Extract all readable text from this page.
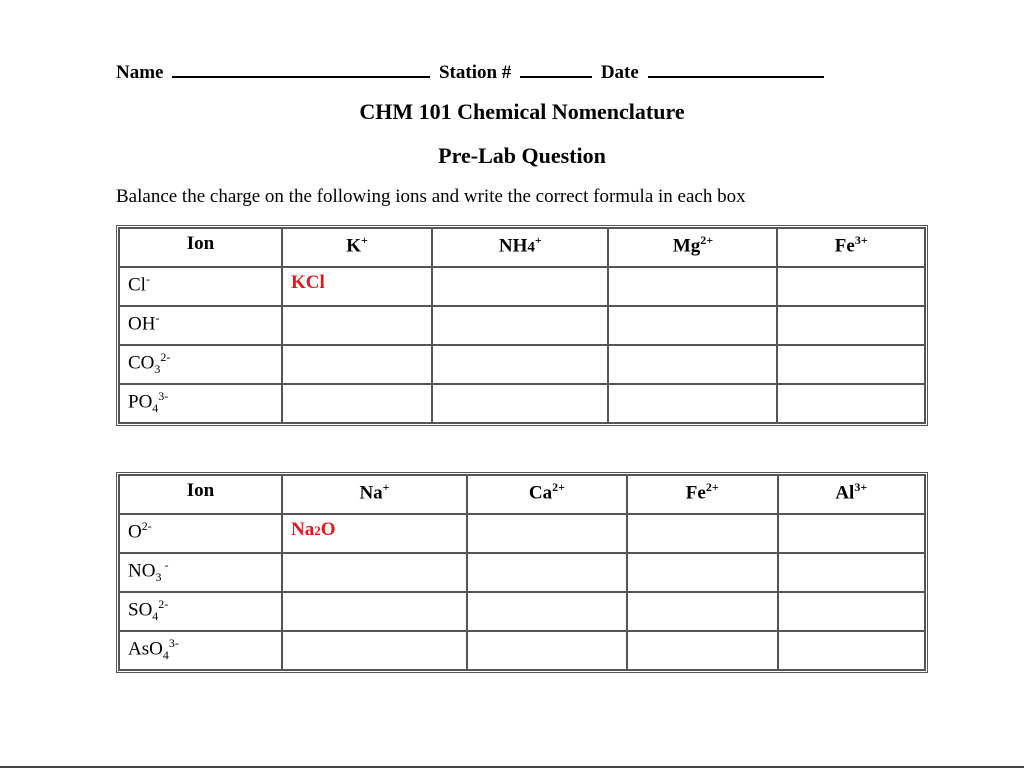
Name	Station #	Date
CHM 101 Chemical Nomenclature
Pre-Lab Question
Balance the charge on the following ions and write the correct formula in each box
Ion	K+	NH4+	$Mg^{2+}$	$Fe^{3+}$
Cl-	KCl			
OH-				
$CO_3^{2-}$				
$PO_4^{3-}$				
Ion	Na+	$Ca^{2+}$	$Fe^{2+}$	$Al^{3+}$
$O^{2-}$	Na2O			
$NO_3$ -				
$SO_4^{2-}$				
AsO$_4^{3-}$				
